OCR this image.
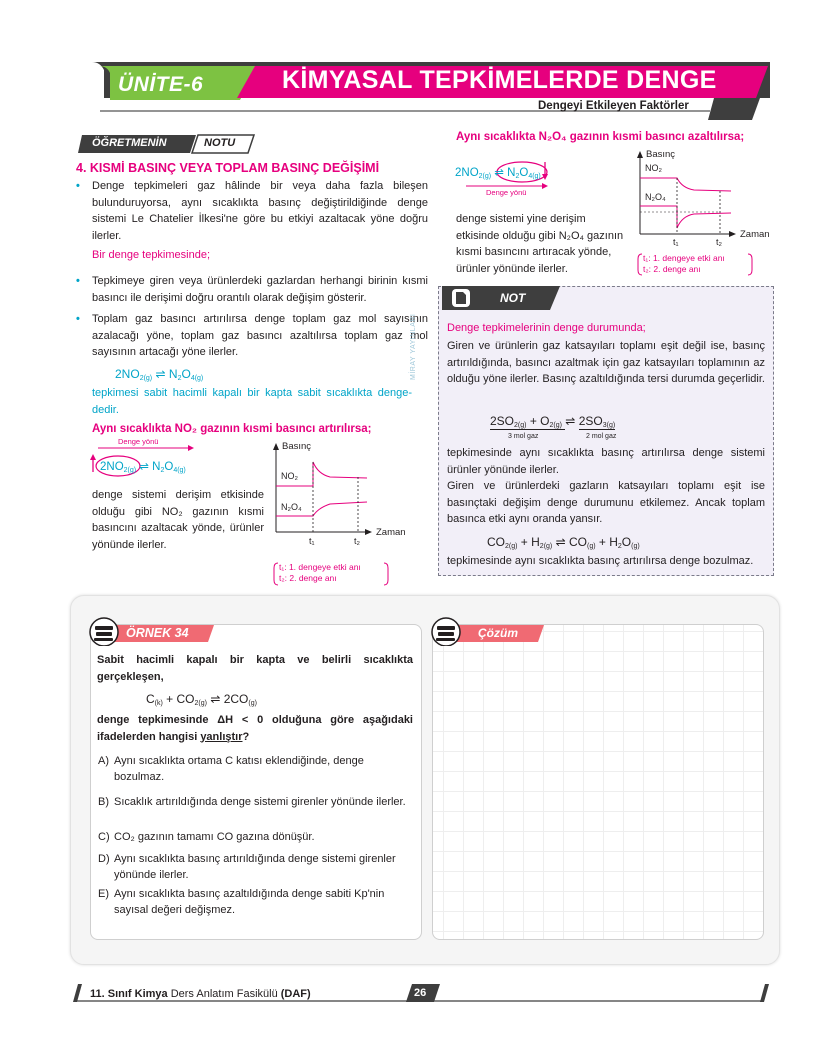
ÜNİTE-6	KİMYASAL TEPKİMELERDE DENGE
Dengeyi Etkileyen Faktörler
ÖĞRETMENİN	NOTU
4. KISMİ BASINÇ VEYA TOPLAM BASINÇ DEĞİŞİMİ
• Denge tepkimeleri gaz hâlinde bir veya daha fazla bileşen bulunduruyorsa, aynı sıcaklıkta basınç değiştirildiğinde denge sistemi Le Chatelier İlkesi'ne göre bu etkiyi azaltacak yöne doğru ilerler.
Bir denge tepkimesinde;
• Tepkimeye giren veya ürünlerdeki gazlardan herhangi birinin kısmi basıncı ile derişimi doğru orantılı olarak değişim gösterir.
• Toplam gaz basıncı artırılırsa denge toplam gaz mol sayısının azalacağı yöne, toplam gaz basıncı azaltılırsa toplam gaz mol sayısının artacağı yöne ilerler.
$2NO_{2(g)}$ ⇌ $N_2O_{4(g)}$
tepkimesi sabit hacimli kapalı bir kapta sabit sıcaklıkta denge-dedir.
Aynı sıcaklıkta NO₂ gazının kısmi basıncı artırılırsa;
Denge yönü
$2NO_{2(g)}$ ⇌ $N_2O_{4(g)}$
denge sistemi derişim etkisinde olduğu gibi NO₂ gazının kısmi basıncını azaltacak yönde, ürünler yönünde ilerler.
Basınç
NO₂
N₂O₄
Zaman
t₁	t₂
t₁: 1. dengeye etki anı
t₂: 2. denge anı
MİRAY YAYINLARI
Aynı sıcaklıkta N₂O₄ gazının kısmi basıncı azaltılırsa;
$2NO_{2(g)}$ ⇌ $N_2O_{4(g)}$
Denge yönü
denge sistemi yine derişim etkisinde olduğu gibi N₂O₄ gazının kısmi basıncını artıracak yönde, ürünler yönünde ilerler.
Basınç
NO₂
N₂O₄
Zaman
t₁	t₂
t₁: 1. dengeye etki anı
t₂: 2. denge anı
NOT
Denge tepkimelerinin denge durumunda;
Giren ve ürünlerin gaz katsayıları toplamı eşit değil ise, basınç artırıldığında, basıncı azaltmak için gaz katsayıları toplamının az olduğu yöne ilerler. Basınç azaltıldığında tersi durumda geçerlidir.
$2SO_{2(g)} + O_{2(g)}$ ⇌ $2SO_{3(g)}$
3 mol gaz	2 mol gaz
tepkimesinde aynı sıcaklıkta basınç artırılırsa denge sistemi ürünler yönünde ilerler.
Giren ve ürünlerdeki gazların katsayıları toplamı eşit ise basınçtaki değişim denge durumunu etkilemez. Ancak toplam basınca etki aynı oranda yansır.
$CO_{2(g)} + H_{2(g)}$ ⇌ $CO_{(g)} + H_2O_{(g)}$
tepkimesinde aynı sıcaklıkta basınç artırılırsa denge bozulmaz.
ÖRNEK 34	Çözüm
Sabit hacimli kapalı bir kapta ve belirli sıcaklıkta gerçekleşen,
$C_{(k)} + CO_{2(g)}$ ⇌ $2CO_{(g)}$
denge tepkimesinde ΔH < 0 olduğuna göre aşağıdaki ifadelerden hangisi yanlıştır?
A) Aynı sıcaklıkta ortama C katısı eklendiğinde, denge bozulmaz.
B) Sıcaklık artırıldığında denge sistemi girenler yönünde ilerler.
C) CO₂ gazının tamamı CO gazına dönüşür.
D) Aynı sıcaklıkta basınç artırıldığında denge sistemi girenler yönünde ilerler.
E) Aynı sıcaklıkta basınç azaltıldığında denge sabiti Kp'nin sayısal değeri değişmez.
11. Sınıf Kimya Ders Anlatım Fasikülü (DAF)	26
